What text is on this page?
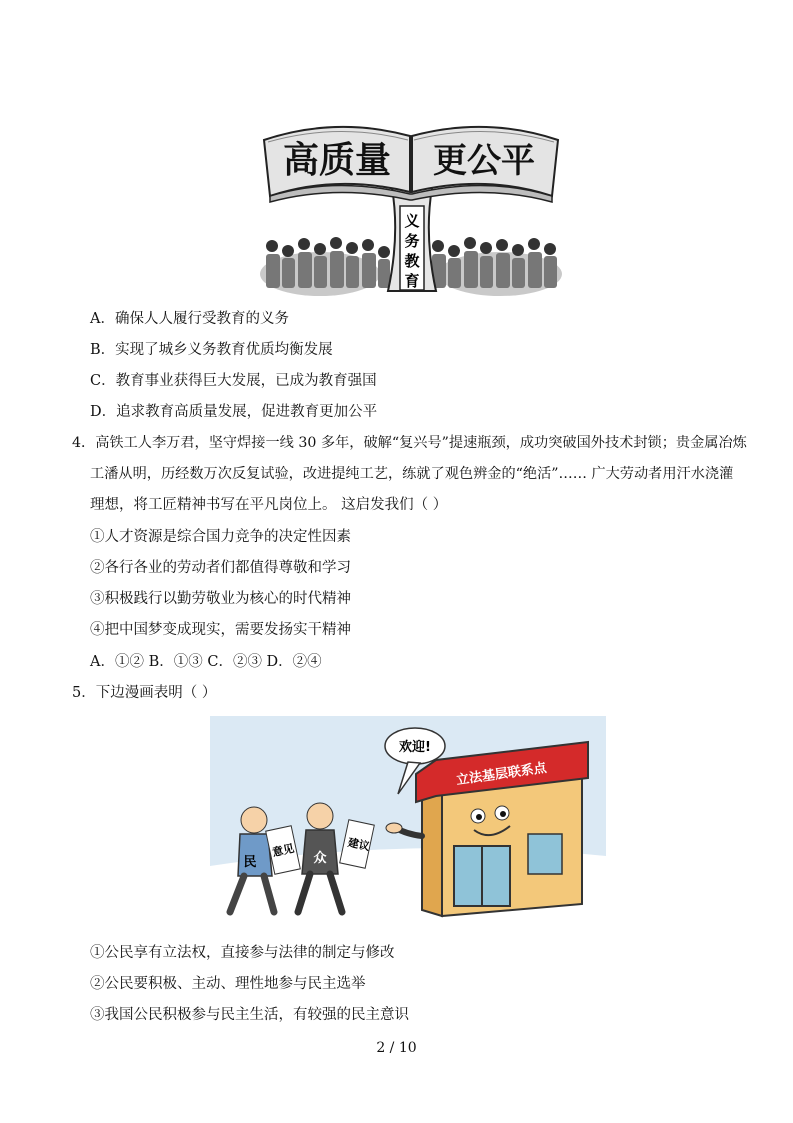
高质量 更公平
义
务
教
育
A．确保人人履行受教育的义务
B．实现了城乡义务教育优质均衡发展
C．教育事业获得巨大发展，已成为教育强国
D．追求教育高质量发展，促进教育更加公平
4．高铁工人李万君，坚守焊接一线 30 多年，破解“复兴号”提速瓶颈，成功突破国外技术封锁；贵金属冶炼
工潘从明，历经数万次反复试验，改进提纯工艺，练就了观色辨金的“绝活”…… 广大劳动者用汗水浇灌
理想，将工匠精神书写在平凡岗位上。 这启发我们（ ）
①人才资源是综合国力竞争的决定性因素
②各行各业的劳动者们都值得尊敬和学习
③积极践行以勤劳敬业为核心的时代精神
④把中国梦变成现实，需要发扬实干精神
A．①② B．①③ C．②③ D．②④
5．下边漫画表明（ ）
立法基层联系点
欢迎!
民
意见 众
建议
①公民享有立法权，直接参与法律的制定与修改
②公民要积极、主动、理性地参与民主选举
③我国公民积极参与民主生活，有较强的民主意识
2 / 10
